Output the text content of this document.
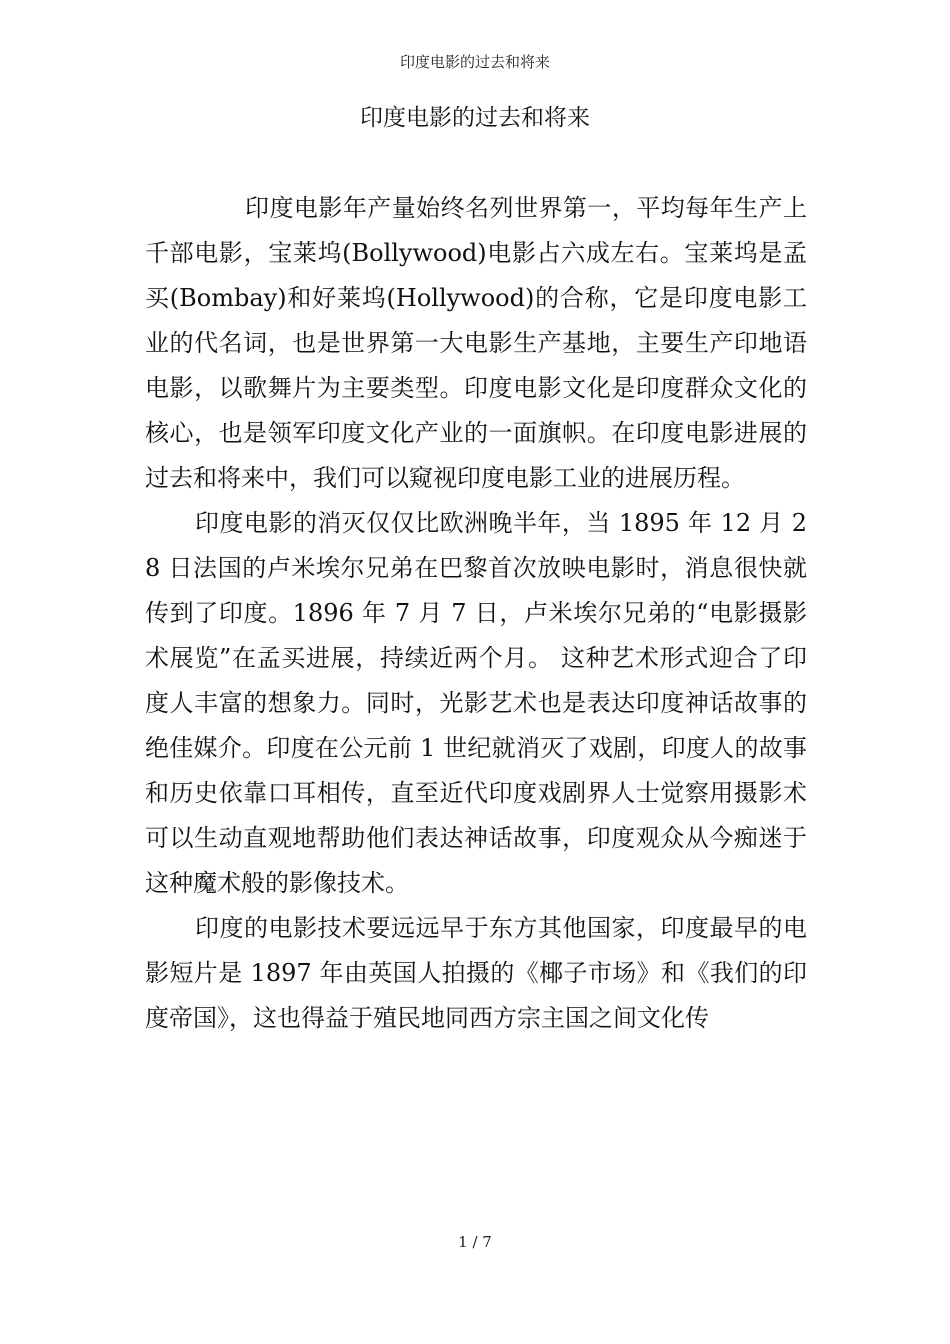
印度电影的过去和将来
印度电影的过去和将来

印度电影年产量始终名列世界第一，平均每年生产上千部电影，宝莱坞(Bollywood)电影占六成左右。宝莱坞是孟买(Bombay)和好莱坞(Hollywood)的合称，它是印度电影工业的代名词，也是世界第一大电影生产基地，主要生产印地语电影，以歌舞片为主要类型。印度电影文化是印度群众文化的核心，也是领军印度文化产业的一面旗帜。在印度电影进展的过去和将来中，我们可以窥视印度电影工业的进展历程。

印度电影的消灭仅仅比欧洲晚半年，当 1895 年 12 月 28 日法国的卢米埃尔兄弟在巴黎首次放映电影时，消息很快就传到了印度。1896 年 7 月 7 日，卢米埃尔兄弟的“电影摄影术展览”在孟买进展，持续近两个月。 这种艺术形式迎合了印度人丰富的想象力。同时，光影艺术也是表达印度神话故事的绝佳媒介。印度在公元前 1 世纪就消灭了戏剧，印度人的故事和历史依靠口耳相传，直至近代印度戏剧界人士觉察用摄影术可以生动直观地帮助他们表达神话故事，印度观众从今痴迷于这种魔术般的影像技术。

印度的电影技术要远远早于东方其他国家，印度最早的电影短片是 1897 年由英国人拍摄的《椰子市场》和《我们的印度帝国》，这也得益于殖民地同西方宗主国之间文化传

1 / 7
